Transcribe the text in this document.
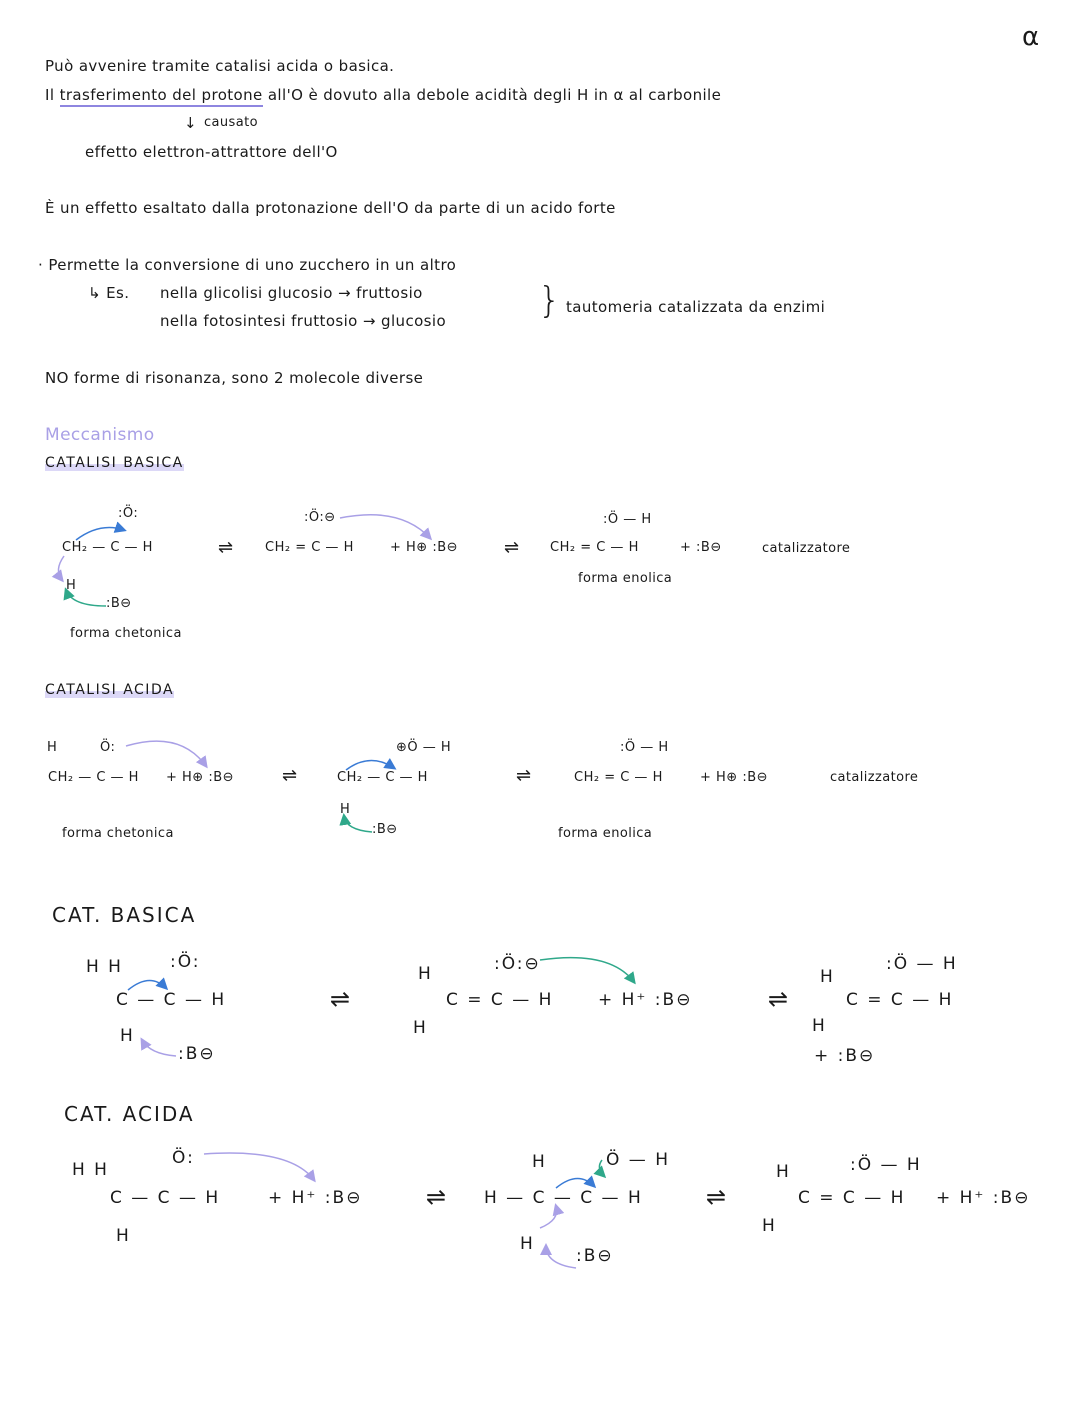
α
Può avvenire tramite catalisi acida o basica.
Il trasferimento del protone all'O è dovuto alla debole acidità degli H in α al carbonile
↓ causato
effetto elettron-attrattore dell'O
È un effetto esaltato dalla protonazione dell'O da parte di un acido forte
· Permette la conversione di uno zucchero in un altro
↳ Es. nella glicolisi glucosio → fruttosio
nella fotosintesi fruttosio → glucosio	} tautomeria catalizzata da enzimi
NO forme di risonanza, sono 2 molecole diverse
Meccanismo
CATALISI BASICA
CATALISI ACIDA
CAT. BASICA
CAT. ACIDA
:Ö:
CH₂ — C — H
H
:B⊖
⇌
:Ö:⊖
CH₂ = C — H	+ H⊕ :B⊖	⇌
:Ö — H
CH₂ = C — H	+ :B⊖	catalizzatore
forma enolica
forma chetonica
H	Ö:
CH₂ — C — H + H⊕ :B⊖	⇌
⊕Ö — H
CH₂ — C — H
H
:B⊖
⇌
:Ö — H
CH₂ = C — H	+ H⊕ :B⊖	catalizzatore
forma chetonica	forma enolica
H H	:Ö:
C — C — H
H
:B⊖
⇌
:Ö:⊖
H
C = C — H
H
+ H⁺ :B⊖	⇌
:Ö — H
H
C = C — H
H
+ :B⊖
H H
Ö:
C — C — H
H
+ H⁺ :B⊖	⇌
H	Ö — H
H — C — C — H
H
:B⊖
⇌
:Ö — H
H
C = C — H
H
+ H⁺ :B⊖
